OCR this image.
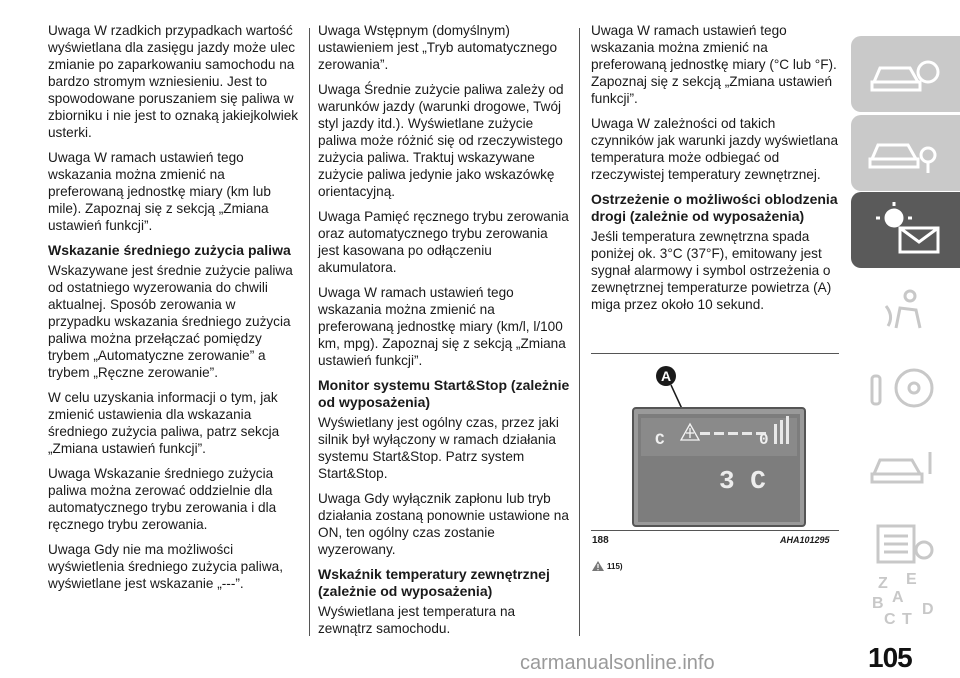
Uwaga W rzadkich przypadkach wartość wyświetlana dla zasięgu jazdy może ulec zmianie po zaparkowaniu samochodu na bardzo stromym wzniesieniu. Jest to spowodowane poruszaniem się paliwa w zbiorniku i nie jest to oznaką jakiejkolwiek usterki.

Uwaga W ramach ustawień tego wskazania można zmienić na preferowaną jednostkę miary (km lub mile). Zapoznaj się z sekcją „Zmiana ustawień funkcji”.

Wskazanie średniego zużycia paliwa

Wskazywane jest średnie zużycie paliwa od ostatniego wyzerowania do chwili aktualnej. Sposób zerowania w przypadku wskazania średniego zużycia paliwa można przełączać pomiędzy trybem „Automatyczne zerowanie” a trybem „Ręczne zerowanie”.

W celu uzyskania informacji o tym, jak zmienić ustawienia dla wskazania średniego zużycia paliwa, patrz sekcja „Zmiana ustawień funkcji”.

Uwaga Wskazanie średniego zużycia paliwa można zerować oddzielnie dla automatycznego trybu zerowania i dla ręcznego trybu zerowania.

Uwaga Gdy nie ma możliwości wyświetlenia średniego zużycia paliwa, wyświetlane jest wskazanie „---”.

Uwaga Wstępnym (domyślnym) ustawieniem jest „Tryb automatycznego zerowania”.

Uwaga Średnie zużycie paliwa zależy od warunków jazdy (warunki drogowe, Twój styl jazdy itd.). Wyświetlane zużycie paliwa może różnić się od rzeczywistego zużycia paliwa. Traktuj wskazywane zużycie paliwa jedynie jako wskazówkę orientacyjną.

Uwaga Pamięć ręcznego trybu zerowania oraz automatycznego trybu zerowania jest kasowana po odłączeniu akumulatora.

Uwaga W ramach ustawień tego wskazania można zmienić na preferowaną jednostkę miary (km/l, l/100 km, mpg). Zapoznaj się z sekcją „Zmiana ustawień funkcji”.

Monitor systemu Start&Stop (zależnie od wyposażenia)

Wyświetlany jest ogólny czas, przez jaki silnik był wyłączony w ramach działania systemu Start&Stop. Patrz system Start&Stop.

Uwaga Gdy wyłącznik zapłonu lub tryb działania zostaną ponownie ustawione na ON, ten ogólny czas zostanie wyzerowany.

Wskaźnik temperatury zewnętrznej (zależnie od wyposażenia)

Wyświetlana jest temperatura na zewnątrz samochodu.

Uwaga W ramach ustawień tego wskazania można zmienić na preferowaną jednostkę miary (°C lub °F). Zapoznaj się z sekcją „Zmiana ustawień funkcji”.

Uwaga W zależności od takich czynników jak warunki jazdy wyświetlana temperatura może odbiegać od rzeczywistej temperatury zewnętrznej.

Ostrzeżenie o możliwości oblodzenia drogi (zależnie od wyposażenia)

Jeśli temperatura zewnętrzna spada poniżej ok. 3°C (37°F), emitowany jest sygnał alarmowy i symbol ostrzeżenia o zewnętrznej temperaturze powietrza (A) miga przez około 10 sekund.

A
C	0
3 C
188	AHA101295
115)
Z E
B A
C T
D
carmanualsonline.info	105
